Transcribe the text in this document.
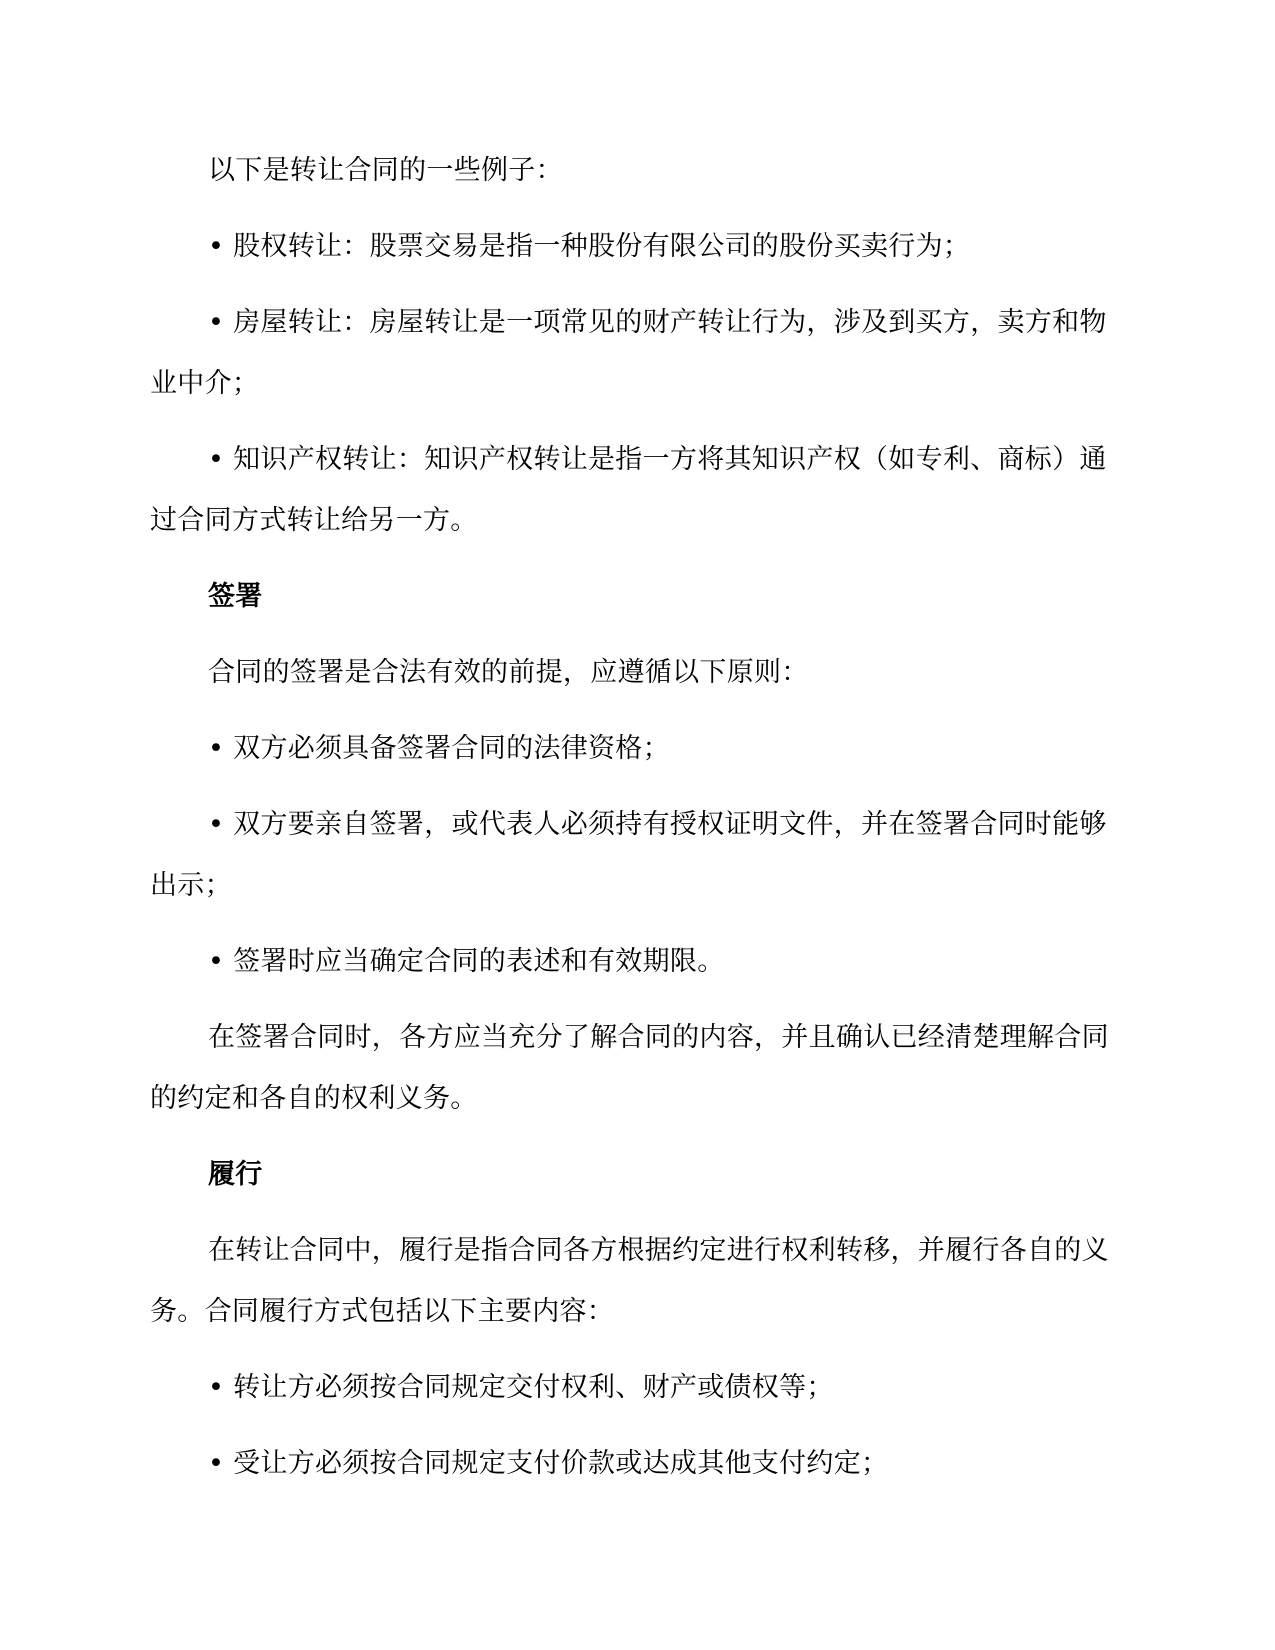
以下是转让合同的一些例子：

• 股权转让：股票交易是指一种股份有限公司的股份买卖行为；

• 房屋转让：房屋转让是一项常见的财产转让行为，涉及到买方，卖方和物业中介；

• 知识产权转让：知识产权转让是指一方将其知识产权（如专利、商标）通过合同方式转让给另一方。

签署

合同的签署是合法有效的前提，应遵循以下原则：

• 双方必须具备签署合同的法律资格；

• 双方要亲自签署，或代表人必须持有授权证明文件，并在签署合同时能够出示；

• 签署时应当确定合同的表述和有效期限。

在签署合同时，各方应当充分了解合同的内容，并且确认已经清楚理解合同的约定和各自的权利义务。

履行

在转让合同中，履行是指合同各方根据约定进行权利转移，并履行各自的义务。合同履行方式包括以下主要内容：

• 转让方必须按合同规定交付权利、财产或债权等；

• 受让方必须按合同规定支付价款或达成其他支付约定；
